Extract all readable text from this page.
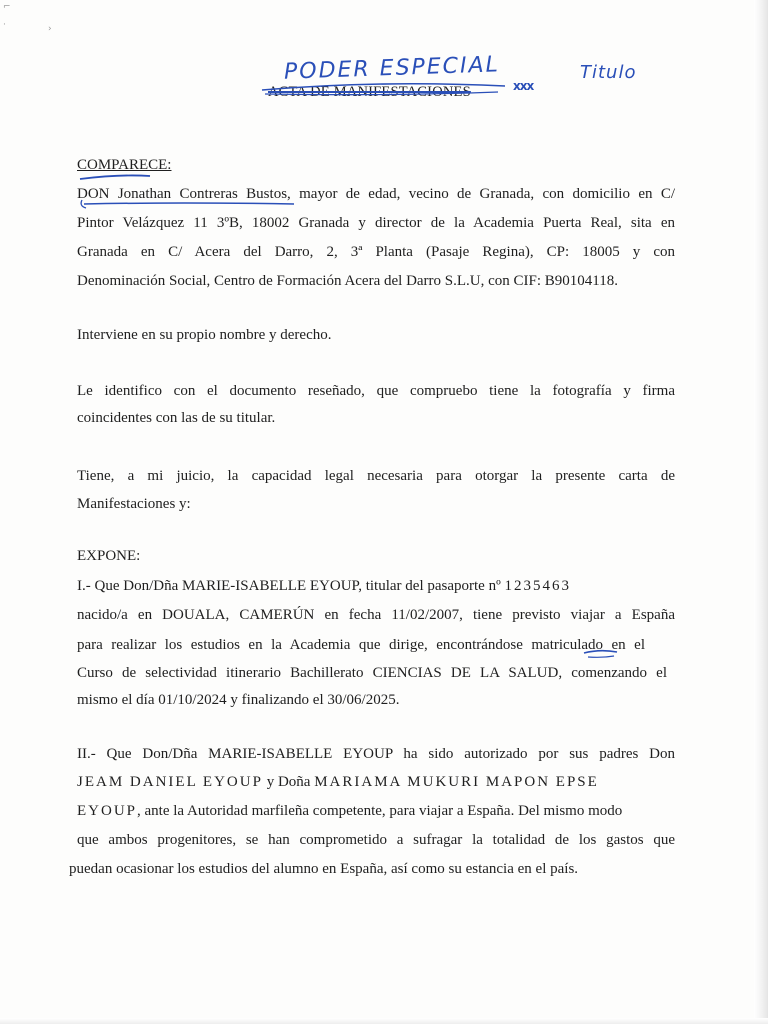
⌐
·	›
PODER ESPECIAL
xxx
Titulo
ACTA DE MANIFESTACIONES
COMPARECE:
DON Jonathan Contreras Bustos, mayor de edad, vecino de Granada, con domicilio en C/
Pintor Velázquez 11 3ºB, 18002 Granada y director de la Academia Puerta Real, sita en
Granada en C/ Acera del Darro, 2, 3ª Planta (Pasaje Regina), CP: 18005 y con
Denominación Social, Centro de Formación Acera del Darro S.L.U, con CIF: B90104118.
Interviene en su propio nombre y derecho.
Le identifico con el documento reseñado, que compruebo tiene la fotografía y firma
coincidentes con las de su titular.
Tiene, a mi juicio, la capacidad legal necesaria para otorgar la presente carta de
Manifestaciones y:
EXPONE:
I.- Que Don/Dña MARIE-ISABELLE EYOUP, titular del pasaporte nº 1235463
nacido/a en DOUALA, CAMERÚN en fecha 11/02/2007, tiene previsto viajar a España
para realizar los estudios en la Academia que dirige, encontrándose matriculado en el
Curso de selectividad itinerario Bachillerato CIENCIAS DE LA SALUD, comenzando el
mismo el día 01/10/2024 y finalizando el 30/06/2025.
II.- Que Don/Dña MARIE-ISABELLE EYOUP ha sido autorizado por sus padres Don
JEAM DANIEL EYOUP y Doña MARIAMA MUKURI MAPON EPSE
EYOUP, ante la Autoridad marfileña competente, para viajar a España. Del mismo modo
que ambos progenitores, se han comprometido a sufragar la totalidad de los gastos que
puedan ocasionar los estudios del alumno en España, así como su estancia en el país.
